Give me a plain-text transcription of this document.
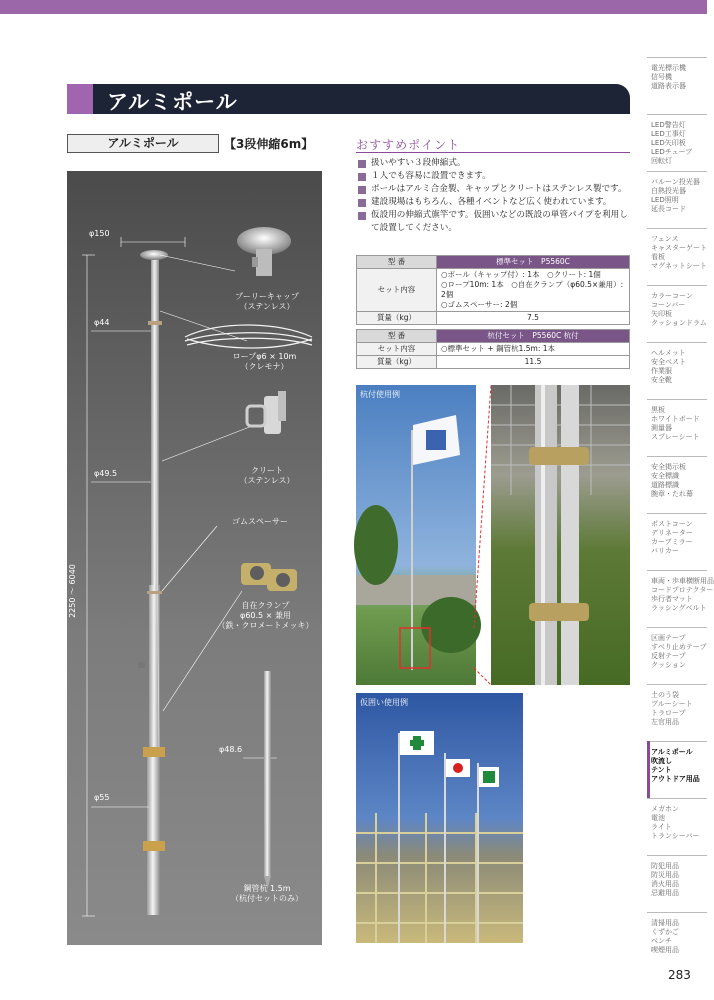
アルミポール
アルミポール	【3段伸縮6m】
φ150
φ44
φ49.5
φ55
φ48.6
2250 ～ 6040
プーリーキャップ
（ステンレス）
ロープφ6 × 10m
（クレモナ）
クリート
（ステンレス）
ゴムスペーサー
自在クランプ
φ60.5 × 兼用
（鉄・クロメートメッキ）
鋼管杭 1.5m
（杭付セットのみ）
おすすめポイント
扱いやすい３段伸縮式。
１人でも容易に設置できます。
ポールはアルミ合金製、キャップとクリートはステンレス製です。
建設現場はもちろん、各種イベントなど広く使われています。
仮設用の伸縮式旗竿です。仮囲いなどの既設の単管パイプを利用して設置してください。
型 番	標準セット　P5560C
セット内容	○ポール（キャップ付）: 1本　○クリート: 1個
○ロープ10m: 1本　○自在クランプ（φ60.5×兼用）: 2個
○ゴムスペーサー: 2個

質量（kg）	7.5
型 番	杭付セット　P5560C 杭付
セット内容	○標準セット + 鋼管杭1.5m: 1本
質量（kg）	11.5
杭付使用例
仮囲い使用例
電光標示機
信号機
道路表示器
LED警告灯
LED工事灯
LED矢印板
LEDチューブ
回転灯
バルーン投光器
白熱投光器
LED照明
延長コード
フェンス
キャスターゲート
看板
マグネットシート
カラーコーン
コーンバー
矢印板
クッションドラム
ヘルメット
安全ベスト
作業服
安全靴
黒板
ホワイトボード
測量器
スプレーシート
安全掲示板
安全標識
道路標識
腕章・たれ幕
ポストコーン
デリネーター
カーブミラー
バリカー
車両・歩車横断用品
コードプロテクター
歩行者マット
ラッシングベルト
区画テープ
すべり止めテープ
反射テープ
クッション
土のう袋
ブルーシート
トラロープ
左官用品
アルミポール
吹流し
テント
アウトドア用品
メガホン
電池
ライト
トランシーバー
防犯用品
防災用品
消火用品
忌避用品
清掃用品
くずかご
ベンチ
喫煙用品
283
